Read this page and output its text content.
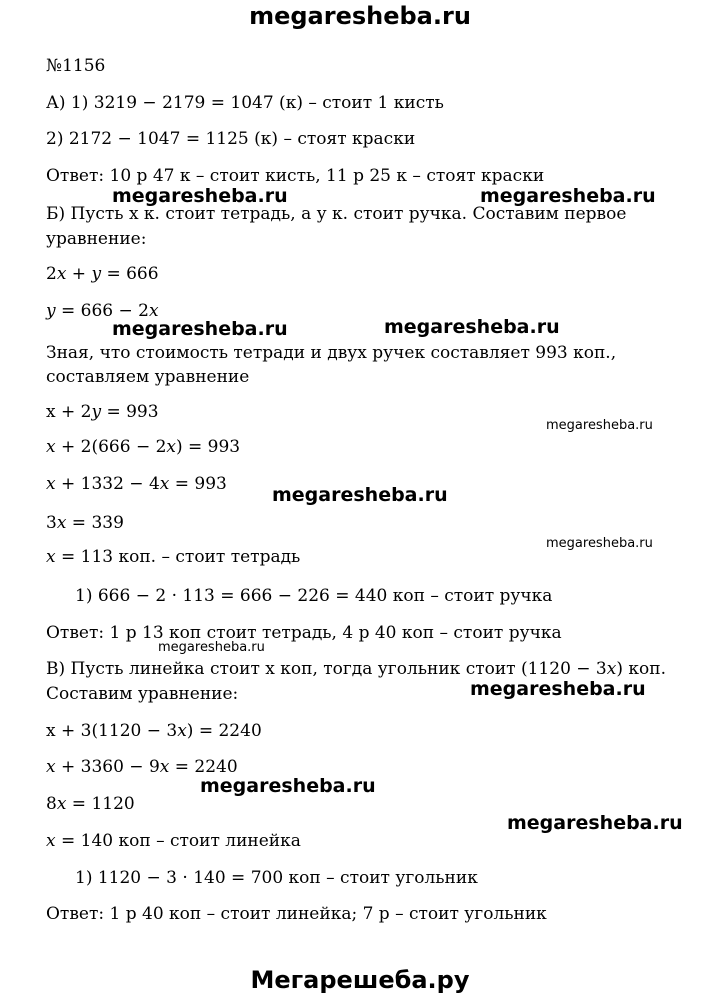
megaresheba.ru
№1156
А) 1) 3219 − 2179 = 1047 (к) – стоит 1 кисть
2) 2172 − 1047 = 1125 (к) – стоят краски
Ответ: 10 р 47 к – стоит кисть, 11 р 25 к – стоят краски
Б) Пусть х к. стоит тетрадь, а у к. стоит ручка. Составим первое
уравнение:
2𝑥 + 𝑦 = 666
𝑦 = 666 − 2𝑥
Зная, что стоимость тетради и двух ручек составляет 993 коп.,
составляем уравнение
х + 2𝑦 = 993
𝑥 + 2(666 − 2𝑥) = 993
𝑥 + 1332 − 4𝑥 = 993
3𝑥 = 339
𝑥 = 113 коп. – стоит тетрадь
1) 666 − 2 · 113 = 666 − 226 = 440 коп – стоит ручка
Ответ: 1 р 13 коп стоит тетрадь, 4 р 40 коп – стоит ручка
В) Пусть линейка стоит х коп, тогда угольник стоит (1120 − 3𝑥) коп.
Составим уравнение:
х + 3(1120 − 3𝑥) = 2240
𝑥 + 3360 − 9𝑥 = 2240
8𝑥 = 1120
𝑥 = 140 коп – стоит линейка
1) 1120 − 3 · 140 = 700 коп – стоит угольник
Ответ: 1 р 40 коп – стоит линейка; 7 р – стоит угольник
megaresheba.ru	megaresheba.ru
megaresheba.ru	megaresheba.ru
megaresheba.ru
megaresheba.ru
megaresheba.ru
megaresheba.ru
megaresheba.ru
megaresheba.ru
megaresheba.ru
Мегарешеба.ру
